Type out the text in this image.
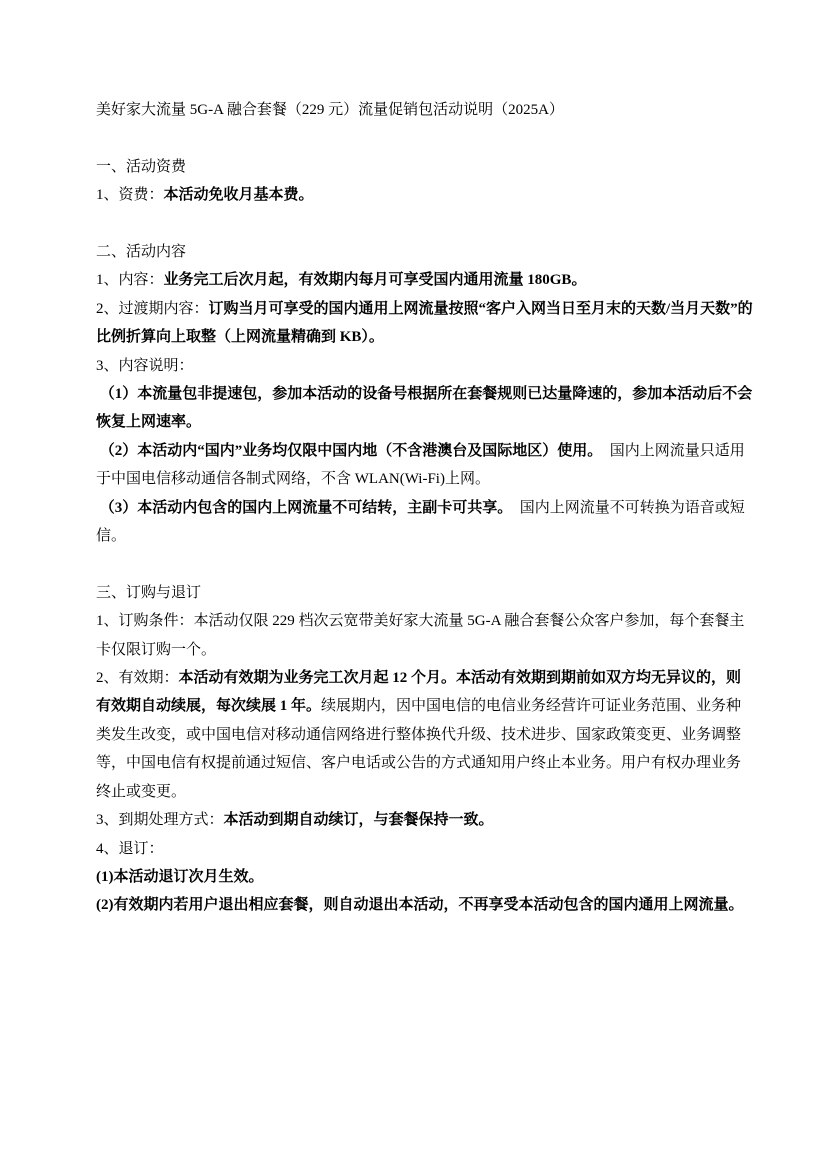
美好家大流量 5G-A 融合套餐（229 元）流量促销包活动说明（2025A）

一、活动资费

1、资费：本活动免收月基本费。

二、活动内容

1、内容：业务完工后次月起，有效期内每月可享受国内通用流量 180GB。

2、过渡期内容：订购当月可享受的国内通用上网流量按照“客户入网当日至月末的天数/当月天数”的比例折算向上取整（上网流量精确到 KB）。

3、内容说明：

（1）本流量包非提速包，参加本活动的设备号根据所在套餐规则已达量降速的，参加本活动后不会恢复上网速率。

（2）本活动内“国内”业务均仅限中国内地（不含港澳台及国际地区）使用。　国内上网流量只适用于中国电信移动通信各制式网络，不含 WLAN(Wi-Fi)上网。

（3）本活动内包含的国内上网流量不可结转，主副卡可共享。　国内上网流量不可转换为语音或短信。

三、订购与退订

1、订购条件：本活动仅限 229 档次云宽带美好家大流量 5G-A 融合套餐公众客户参加，每个套餐主卡仅限订购一个。

2、有效期：本活动有效期为业务完工次月起 12 个月。本活动有效期到期前如双方均无异议的，则有效期自动续展，每次续展 1 年。续展期内，因中国电信的电信业务经营许可证业务范围、业务种类发生改变，或中国电信对移动通信网络进行整体换代升级、技术进步、国家政策变更、业务调整等，中国电信有权提前通过短信、客户电话或公告的方式通知用户终止本业务。用户有权办理业务终止或变更。

3、到期处理方式：本活动到期自动续订，与套餐保持一致。

4、退订：

(1)本活动退订次月生效。

(2)有效期内若用户退出相应套餐，则自动退出本活动，不再享受本活动包含的国内通用上网流量。
